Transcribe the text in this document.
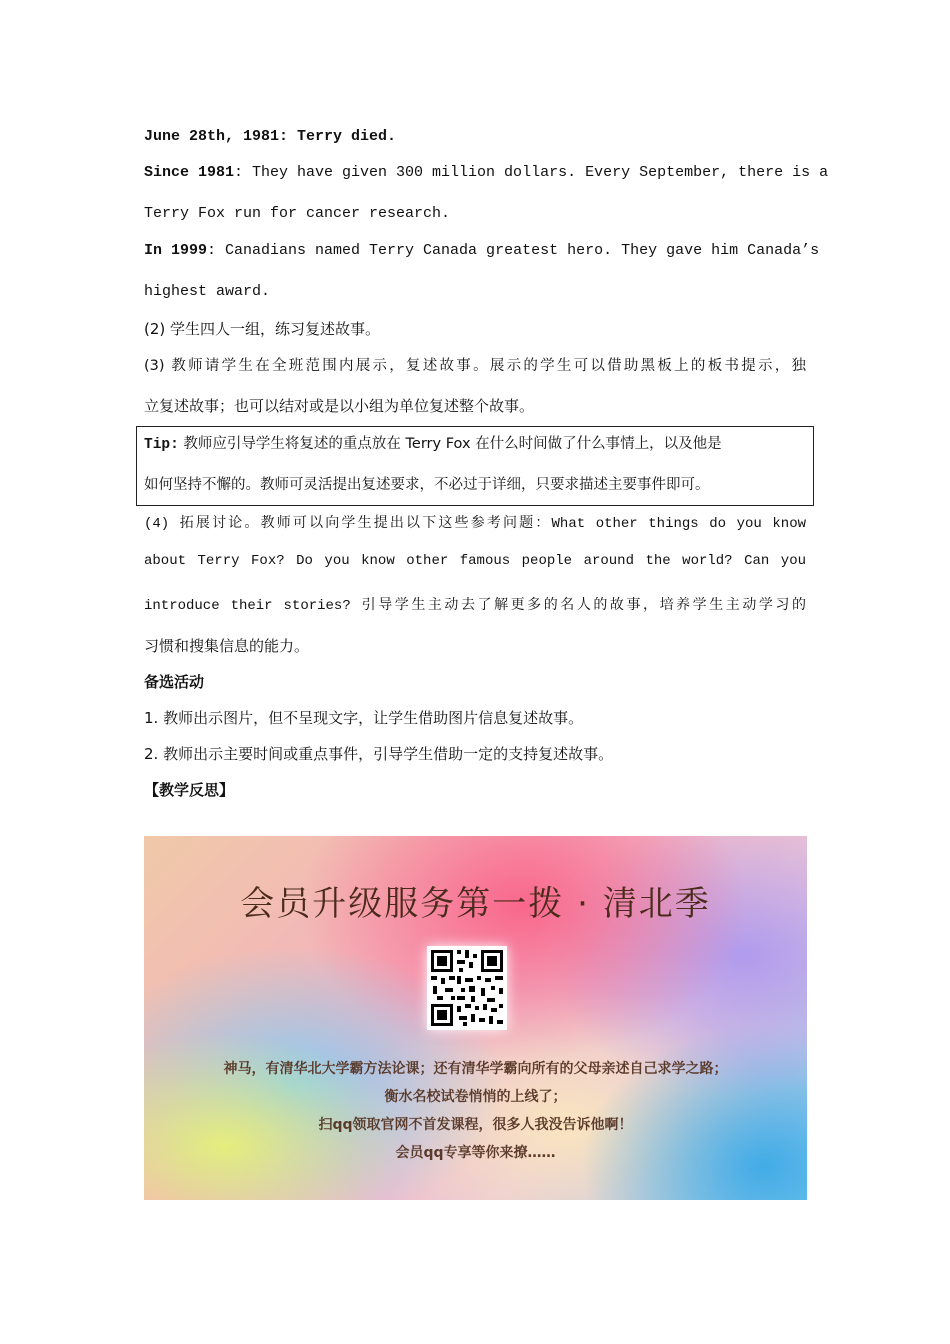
June 28th, 1981: Terry died.
Since 1981: They have given 300 million dollars. Every September, there is a
Terry Fox run for cancer research.
In 1999: Canadians named Terry Canada greatest hero. They gave him Canada’s
highest award.
(2) 学生四人一组，练习复述故事。
(3) 教师请学生在全班范围内展示，复述故事。展示的学生可以借助黑板上的板书提示，独
立复述故事；也可以结对或是以小组为单位复述整个故事。
Tip: 教师应引导学生将复述的重点放在 Terry Fox 在什么时间做了什么事情上，以及他是
如何坚持不懈的。教师可灵活提出复述要求，不必过于详细，只要求描述主要事件即可。
(4) 拓展讨论。教师可以向学生提出以下这些参考问题：What other things do you know
about Terry Fox? Do you know other famous people around the world? Can you
introduce their stories? 引导学生主动去了解更多的名人的故事，培养学生主动学习的
习惯和搜集信息的能力。
备选活动
1. 教师出示图片，但不呈现文字，让学生借助图片信息复述故事。
2. 教师出示主要时间或重点事件，引导学生借助一定的支持复述故事。
【教学反思】
会员升级服务第一拨 · 清北季
神马，有清华北大学霸方法论课；还有清华学霸向所有的父母亲述自己求学之路；
衡水名校试卷悄悄的上线了；
扫qq领取官网不首发课程，很多人我没告诉他啊！
会员qq专享等你来撩……
